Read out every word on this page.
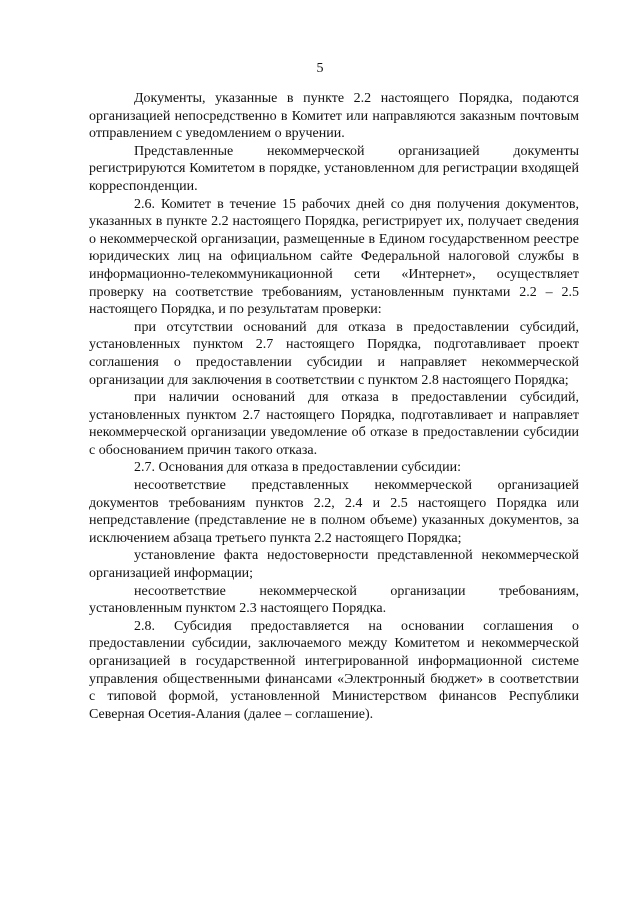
5

Документы, указанные в пункте 2.2 настоящего Порядка, подаются организацией непосредственно в Комитет или направляются заказным почтовым отправлением с уведомлением о вручении.

Представленные некоммерческой организацией документы регистрируются Комитетом в порядке, установленном для регистрации входящей корреспонденции.

2.6. Комитет в течение 15 рабочих дней со дня получения документов, указанных в пункте 2.2 настоящего Порядка, регистрирует их, получает сведения о некоммерческой организации, размещенные в Едином государственном реестре юридических лиц на официальном сайте Федеральной налоговой службы в информационно-телекоммуникационной сети «Интернет», осуществляет проверку на соответствие требованиям, установленным пунктами 2.2 – 2.5 настоящего Порядка, и по результатам проверки:

при отсутствии оснований для отказа в предоставлении субсидий, установленных пунктом 2.7 настоящего Порядка, подготавливает проект соглашения о предоставлении субсидии и направляет некоммерческой организации для заключения в соответствии с пунктом 2.8 настоящего Порядка;

при наличии оснований для отказа в предоставлении субсидий, установленных пунктом 2.7 настоящего Порядка, подготавливает и направляет некоммерческой организации уведомление об отказе в предоставлении субсидии с обоснованием причин такого отказа.

2.7. Основания для отказа в предоставлении субсидии:

несоответствие представленных некоммерческой организацией документов требованиям пунктов 2.2, 2.4 и 2.5 настоящего Порядка или непредставление (представление не в полном объеме) указанных документов, за исключением абзаца третьего пункта 2.2 настоящего Порядка;

установление факта недостоверности представленной некоммерческой организацией информации;

несоответствие некоммерческой организации требованиям, установленным пунктом 2.3 настоящего Порядка.

2.8. Субсидия предоставляется на основании соглашения о предоставлении субсидии, заключаемого между Комитетом и некоммерческой организацией в государственной интегрированной информационной системе управления общественными финансами «Электронный бюджет» в соответствии с типовой формой, установленной Министерством финансов Республики Северная Осетия-Алания (далее – соглашение).
